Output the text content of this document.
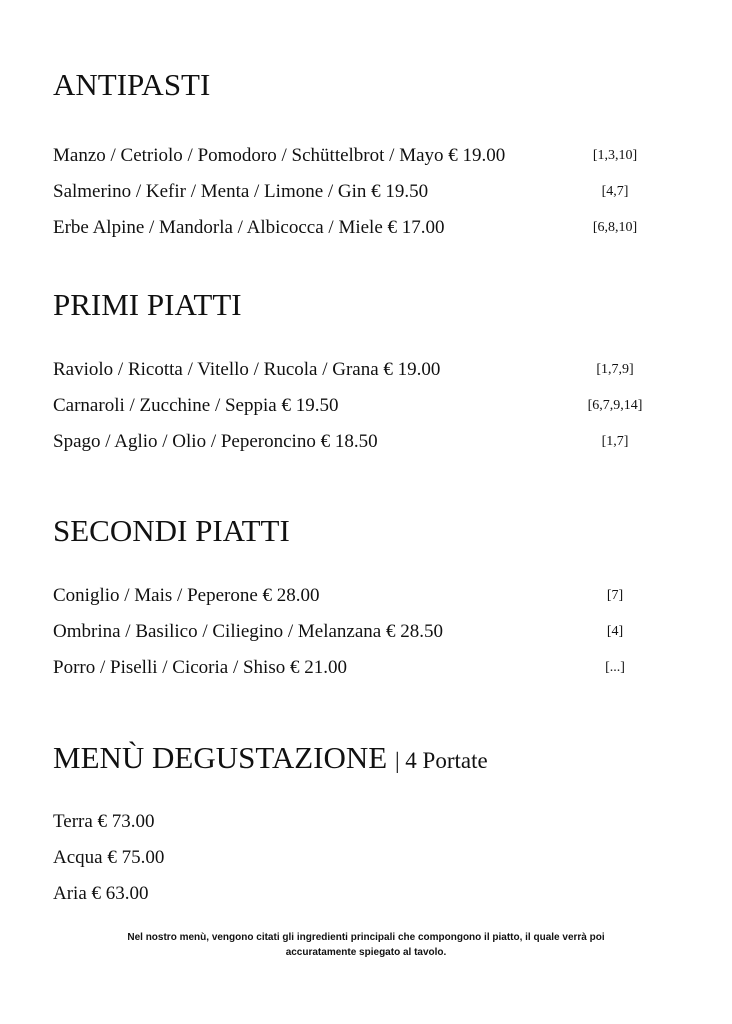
ANTIPASTI
Manzo / Cetriolo / Pomodoro / Schüttelbrot / Mayo € 19.00	[1,3,10]
Salmerino / Kefir / Menta / Limone / Gin € 19.50	[4,7]
Erbe Alpine / Mandorla / Albicocca / Miele € 17.00	[6,8,10]
PRIMI PIATTI
Raviolo / Ricotta / Vitello / Rucola / Grana € 19.00	[1,7,9]
Carnaroli / Zucchine / Seppia € 19.50	[6,7,9,14]
Spago / Aglio / Olio / Peperoncino € 18.50	[1,7]
SECONDI PIATTI
Coniglio / Mais / Peperone € 28.00	[7]
Ombrina / Basilico / Ciliegino / Melanzana € 28.50	[4]
Porro / Piselli / Cicoria / Shiso € 21.00	[...]
MENÙ DEGUSTAZIONE | 4 Portate
Terra € 73.00
Acqua € 75.00
Aria € 63.00
Nel nostro menù, vengono citati gli ingredienti principali che compongono il piatto, il quale verrà poi
accuratamente spiegato al tavolo.
